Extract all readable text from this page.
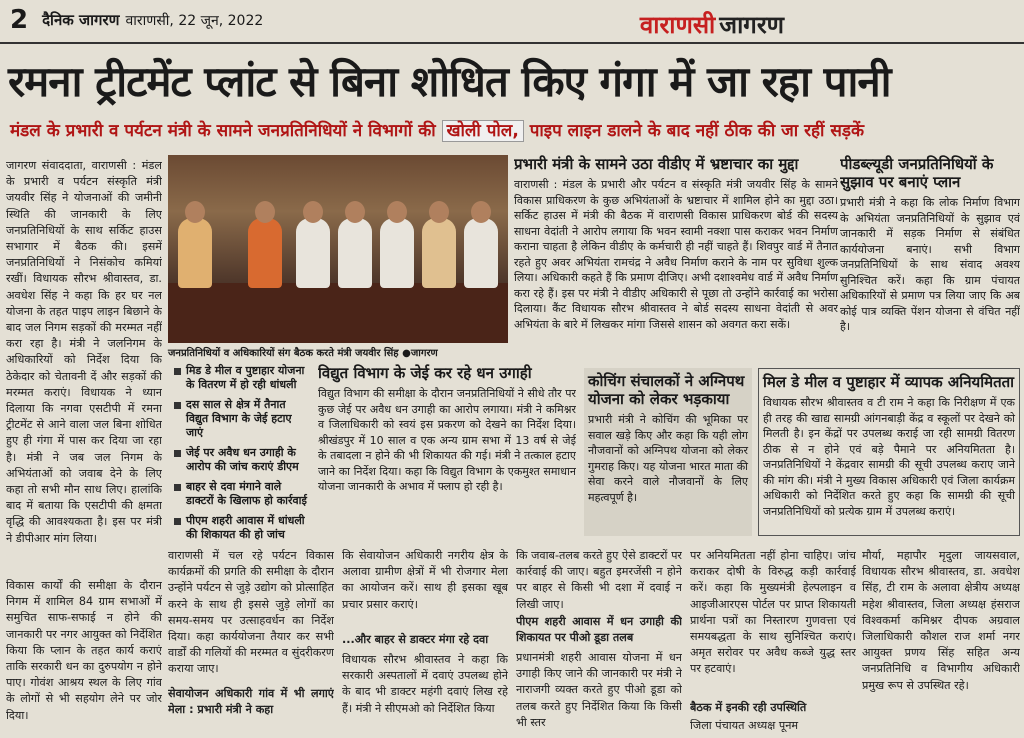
2 दैनिक जागरण वाराणसी, 22 जून, 2022	वाराणसी जागरण
रमना ट्रीटमेंट प्लांट से बिना शोधित किए गंगा में जा रहा पानी
मंडल के प्रभारी व पर्यटन मंत्री के सामने जनप्रतिनिधियों ने विभागों की खोली पोल, पाइप लाइन डालने के बाद नहीं ठीक की जा रहीं सड़कें
जागरण संवाददाता, वाराणसी : मंडल के प्रभारी व पर्यटन संस्कृति मंत्री जयवीर सिंह ने योजनाओं की जमीनी स्थिति की जानकारी के लिए जनप्रतिनिधियों के साथ सर्किट हाउस सभागार में बैठक की। इसमें जनप्रतिनिधियों ने निसंकोच कमियां रखीं। विधायक सौरभ श्रीवास्तव, डा. अवधेश सिंह ने कहा कि हर घर नल योजना के तहत पाइप लाइन बिछाने के बाद जल निगम सड़कों की मरम्मत नहीं करा रहा है। मंत्री ने जलनिगम के अधिकारियों को निर्देश दिया कि ठेकेदार को चेतावनी दें और सड़कों की मरम्मत कराएं। विधायक ने ध्यान दिलाया कि नगवा एसटीपी में रमना ट्रीटमेंट से आने वाला जल बिना शोधित हुए ही गंगा में पास कर दिया जा रहा है। मंत्री ने जब जल निगम के अभियंताओं को जवाब देने के लिए कहा तो सभी मौन साध लिए। हालांकि बाद में बताया कि एसटीपी की क्षमता वृद्धि की आवश्यकता है। इस पर मंत्री ने डीपीआर मांग लिया।
विकास कार्यों की समीक्षा के दौरान निगम में शामिल 84 ग्राम सभाओं में समुचित साफ-सफाई न होने की जानकारी पर नगर आयुक्त को निर्देशित किया कि प्लान के तहत कार्य कराएं ताकि सरकारी धन का दुरुपयोग न होने पाए। गोवंश आश्रय स्थल के लिए गांव के लोगों से भी सहयोग लेने पर जोर दिया।
जनप्रतिनिधियों व अधिकारियों संग बैठक करते मंत्री जयवीर सिंह ●जागरण
मिड डे मील व पुष्टाहार योजना के वितरण में हो रही धांधली
दस साल से क्षेत्र में तैनात विद्युत विभाग के जेई हटाए जाएं
जेई पर अवैध धन उगाही के आरोप की जांच कराएं डीएम
बाहर से दवा मंगाने वाले डाक्टरों के खिलाफ हो कार्रवाई
पीएम शहरी आवास में धांधली की शिकायत की हो जांच
प्रभारी मंत्री के सामने उठा वीडीए में भ्रष्टाचार का मुद्दा
वाराणसी : मंडल के प्रभारी और पर्यटन व संस्कृति मंत्री जयवीर सिंह के सामने विकास प्राधिकरण के कुछ अभियंताओं के भ्रष्टाचार में शामिल होने का मुद्दा उठा। सर्किट हाउस में मंत्री की बैठक में वाराणसी विकास प्राधिकरण बोर्ड की सदस्य साधना वेदांती ने आरोप लगाया कि भवन स्वामी नक्शा पास कराकर भवन निर्माण कराना चाहता है लेकिन वीडीए के कर्मचारी ही नहीं चाहते हैं। शिवपुर वार्ड में तैनात रहते हुए अवर अभियंता रामचंद्र ने अवैध निर्माण कराने के नाम पर सुविधा शुल्क लिया। अधिकारी कहते हैं कि प्रमाण दीजिए। अभी दशाश्वमेध वार्ड में अवैध निर्माण करा रहे हैं। इस पर मंत्री ने वीडीए अधिकारी से पूछा तो उन्होंने कार्रवाई का भरोसा दिलाया। कैंट विधायक सौरभ श्रीवास्तव ने बोर्ड सदस्य साधना वेदांती से अवर अभियंता के बारे में लिखकर मांगा जिससे शासन को अवगत करा सकें।
पीडब्ल्यूडी जनप्रतिनिधियों के सुझाव पर बनाएं प्लान
प्रभारी मंत्री ने कहा कि लोक निर्माण विभाग के अभियंता जनप्रतिनिधियों के सुझाव एवं जानकारी में सड़क निर्माण से संबंधित कार्ययोजना बनाएं। सभी विभाग जनप्रतिनिधियों के साथ संवाद अवश्य सुनिश्चित करें। कहा कि ग्राम पंचायत अधिकारियों से प्रमाण पत्र लिया जाए कि अब कोई पात्र व्यक्ति पेंशन योजना से वंचित नहीं है।
विद्युत विभाग के जेई कर रहे धन उगाही
विद्युत विभाग की समीक्षा के दौरान जनप्रतिनिधियों ने सीधे तौर पर कुछ जेई पर अवैध धन उगाही का आरोप लगाया। मंत्री ने कमिश्नर व जिलाधिकारी को स्वयं इस प्रकरण को देखने का निर्देश दिया। श्रीखंडपुर में 10 साल व एक अन्य ग्राम सभा में 13 वर्ष से जेई के तबादला न होने की भी शिकायत की गई। मंत्री ने तत्काल हटाए जाने का निर्देश दिया। कहा कि विद्युत विभाग के एकमुश्त समाधान योजना जानकारी के अभाव में फ्लाप हो रही है।
कोचिंग संचालकों ने अग्निपथ योजना को लेकर भड़काया
प्रभारी मंत्री ने कोचिंग की भूमिका पर सवाल खड़े किए और कहा कि यही लोग नौजवानों को अग्निपथ योजना को लेकर गुमराह किए। यह योजना भारत माता की सेवा करने वाले नौजवानों के लिए महत्वपूर्ण है।
मिल डे मील व पुष्टाहार में व्यापक अनियमितता
विधायक सौरभ श्रीवास्तव व टी राम ने कहा कि निरीक्षण में एक ही तरह की खाद्य सामग्री आंगनबाड़ी केंद्र व स्कूलों पर देखने को मिलती है। इन केंद्रों पर उपलब्ध कराई जा रही सामग्री वितरण ठीक से न होने एवं बड़े पैमाने पर अनियमितता है। जनप्रतिनिधियों ने केंद्रवार सामग्री की सूची उपलब्ध कराए जाने की मांग की। मंत्री ने मुख्य विकास अधिकारी एवं जिला कार्यक्रम अधिकारी को निर्देशित करते हुए कहा कि सामग्री की सूची जनप्रतिनिधियों को प्रत्येक ग्राम में उपलब्ध कराएं।
वाराणसी में चल रहे पर्यटन विकास कार्यक्रमों की प्रगति की समीक्षा के दौरान उन्होंने पर्यटन से जुड़े उद्योग को प्रोत्साहित करने के साथ ही इससे जुड़े लोगों का समय-समय पर उत्साहवर्धन का निर्देश दिया। कहा कार्ययोजना तैयार कर सभी वार्डों की गलियों की मरम्मत व सुंदरीकरण कराया जाए।
सेवायोजन अधिकारी गांव में भी लगाएं मेला : प्रभारी मंत्री ने कहा
कि सेवायोजन अधिकारी नगरीय क्षेत्र के अलावा ग्रामीण क्षेत्रों में भी रोजगार मेला का आयोजन करें। साथ ही इसका खूब प्रचार प्रसार कराएं।
...और बाहर से डाक्टर मंगा रहे दवा
विधायक सौरभ श्रीवास्तव ने कहा कि सरकारी अस्पतालों में दवाएं उपलब्ध होने के बाद भी डाक्टर महंगी दवाएं लिख रहे हैं। मंत्री ने सीएमओ को निर्देशित किया
कि जवाब-तलब करते हुए ऐसे डाक्टरों पर कार्रवाई की जाए। बहुत इमरजेंसी न होने पर बाहर से किसी भी दशा में दवाई न लिखी जाए।
पीएम शहरी आवास में धन उगाही की शिकायत पर पीओ डूडा तलब
प्रधानमंत्री शहरी आवास योजना में धन उगाही किए जाने की जानकारी पर मंत्री ने नाराजगी व्यक्त करते हुए पीओ डूडा को तलब करते हुए निर्देशित किया कि किसी भी स्तर
पर अनियमितता नहीं होना चाहिए। जांच कराकर दोषी के विरुद्ध कड़ी कार्रवाई करें। कहा कि मुख्यमंत्री हेल्पलाइन व आइजीआरएस पोर्टल पर प्राप्त शिकायती प्रार्थना पत्रों का निस्तारण गुणवत्ता एवं समयबद्धता के साथ सुनिश्चित कराएं। अमृत सरोवर पर अवैध कब्जे युद्ध स्तर पर हटवाएं।
बैठक में इनकी रही उपस्थिति
जिला पंचायत अध्यक्ष पूनम
मौर्या, महापौर मृदुला जायसवाल, विधायक सौरभ श्रीवास्तव, डा. अवधेश सिंह, टी राम के अलावा क्षेत्रीय अध्यक्ष महेश श्रीवास्तव, जिला अध्यक्ष हंसराज विश्वकर्मा कमिश्नर दीपक अग्रवाल जिलाधिकारी कौशल राज शर्मा नगर आयुक्त प्रणय सिंह सहित अन्य जनप्रतिनिधि व विभागीय अधिकारी प्रमुख रूप से उपस्थित रहे।
